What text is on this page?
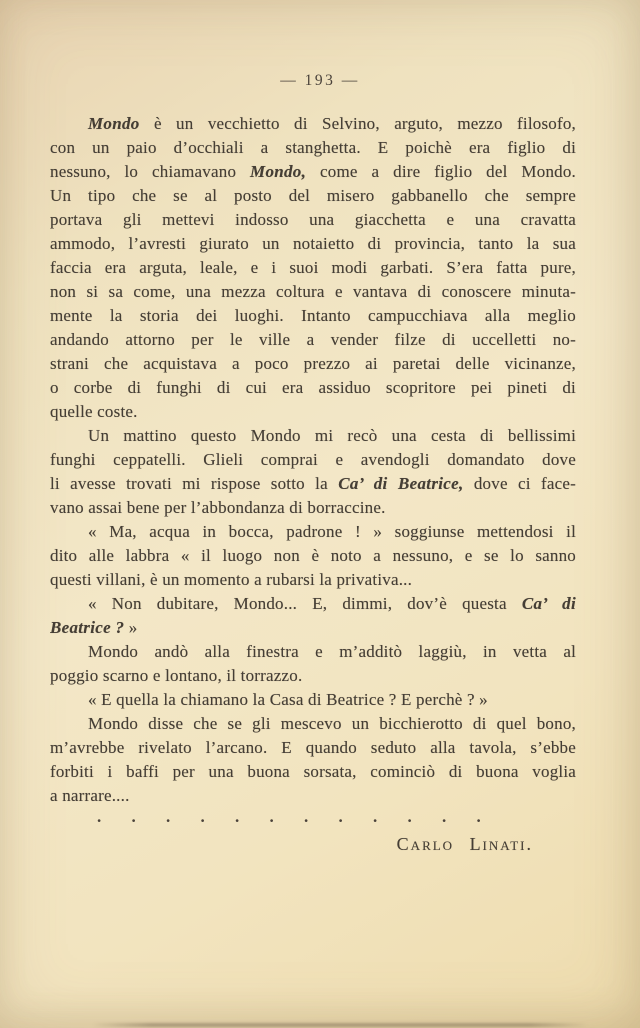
— 193 —
Mondo è un vecchietto di Selvino, arguto, mezzo filosofo,
con un paio d’occhiali a stanghetta. E poichè era figlio di
nessuno, lo chiamavano Mondo, come a dire figlio del Mondo.
Un tipo che se al posto del misero gabbanello che sempre
portava gli mettevi indosso una giacchetta e una cravatta
ammodo, l’avresti giurato un notaietto di provincia, tanto la sua
faccia era arguta, leale, e i suoi modi garbati. S’era fatta pure,
non si sa come, una mezza coltura e vantava di conoscere minuta-
mente la storia dei luoghi. Intanto campucchiava alla meglio
andando attorno per le ville a vender filze di uccelletti no-
strani che acquistava a poco prezzo ai paretai delle vicinanze,
o corbe di funghi di cui era assiduo scopritore pei pineti di
quelle coste.
Un mattino questo Mondo mi recò una cesta di bellissimi
funghi ceppatelli. Glieli comprai e avendogli domandato dove
li avesse trovati mi rispose sotto la Ca’ di Beatrice, dove ci face-
vano assai bene per l’abbondanza di borraccine.
« Ma, acqua in bocca, padrone ! » soggiunse mettendosi il
dito alle labbra « il luogo non è noto a nessuno, e se lo sanno
questi villani, è un momento a rubarsi la privativa...
« Non dubitare, Mondo... E, dimmi, dov’è questa Ca’ di
Beatrice ? »
Mondo andò alla finestra e m’additò laggiù, in vetta al
poggio scarno e lontano, il torrazzo.
« E quella la chiamano la Casa di Beatrice ? E perchè ? »
Mondo disse che se gli mescevo un bicchierotto di quel bono,
m’avrebbe rivelato l’arcano. E quando seduto alla tavola, s’ebbe
forbiti i baffi per una buona sorsata, cominciò di buona voglia
a narrare....
. . . . . . . . . . . .
Carlo Linati.
